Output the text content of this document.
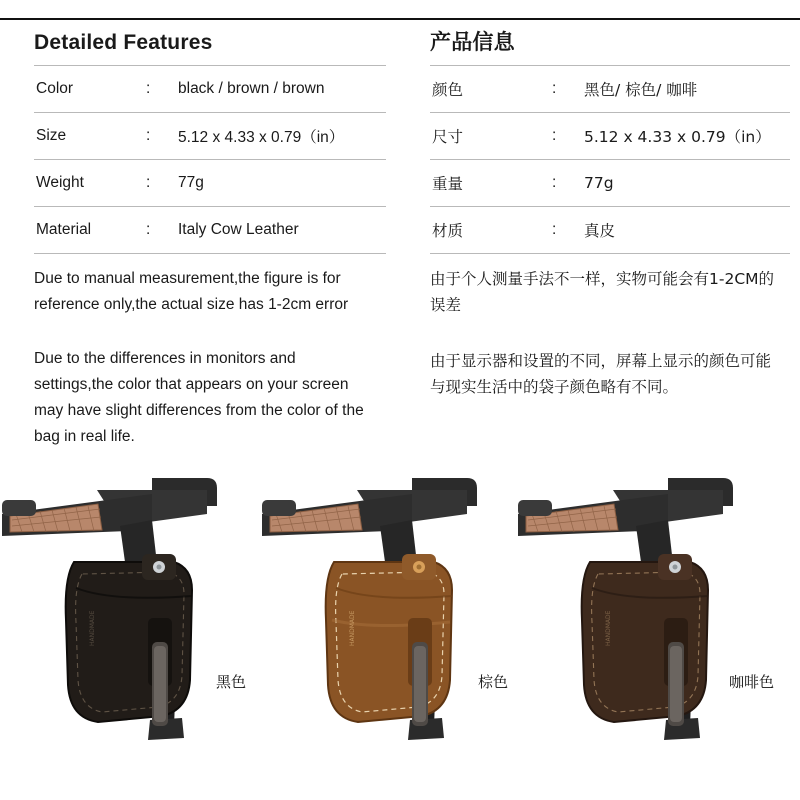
Detailed Features
Color	:	black / brown / brown
Size	:	5.12 x 4.33 x 0.79（in）
Weight	:	77g
Material	:	Italy Cow Leather
Due to manual measurement,the figure is for reference only,the actual size has 1-2cm error
Due to the differences in monitors and settings,the color that appears on your screen may have slight differences from the color of the bag in real life.
产品信息
颜色	:	黑色/ 棕色/ 咖啡
尺寸	:	5.12 x 4.33 x 0.79（in）
重量	:	77g
材质	:	真皮
由于个人测量手法不一样，实物可能会有1-2CM的误差
由于显示器和设置的不同，屏幕上显示的颜色可能与现实生活中的袋子颜色略有不同。
HANDMADE
黑色
HANDMADE
棕色
HANDMADE
咖啡色
